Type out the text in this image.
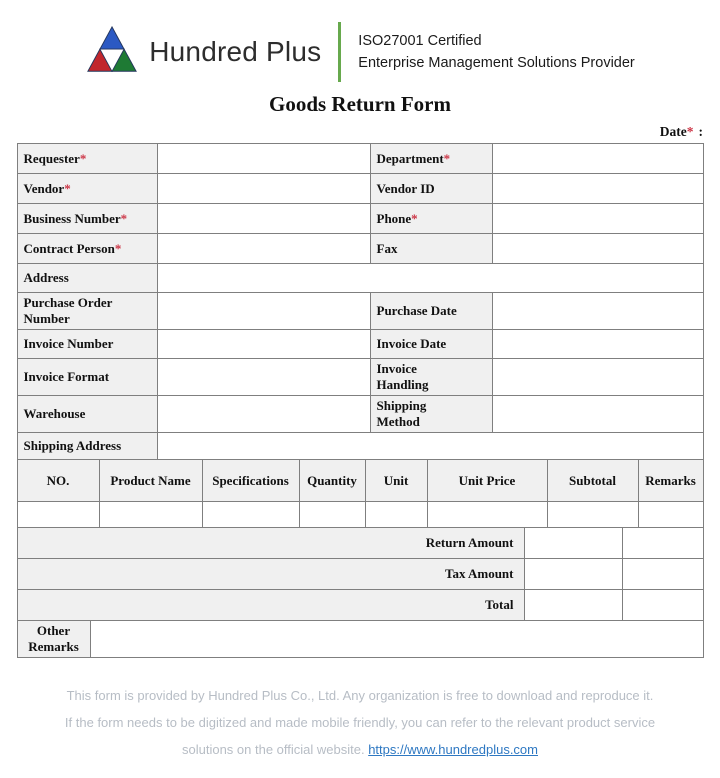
Hundred Plus	ISO27001 Certified
Enterprise Management Solutions Provider
Goods Return Form
Date* :
Requester*		Department*	
Vendor*		Vendor ID	
Business Number*		Phone*	
Contract Person*		Fax	
Address			
Purchase Order Number		Purchase Date	
Invoice Number		Invoice Date	
Invoice Format		Invoice Handling	
Warehouse		Shipping Method	
Shipping Address			
NO.	Product Name	Specifications	Quantity	Unit	Unit Price	Subtotal	Remarks

Return Amount		
Tax Amount		
Total		
Other Remarks	
This form is provided by Hundred Plus Co., Ltd. Any organization is free to download and reproduce it.
If the form needs to be digitized and made mobile friendly, you can refer to the relevant product service
solutions on the official website. https://www.hundredplus.com
